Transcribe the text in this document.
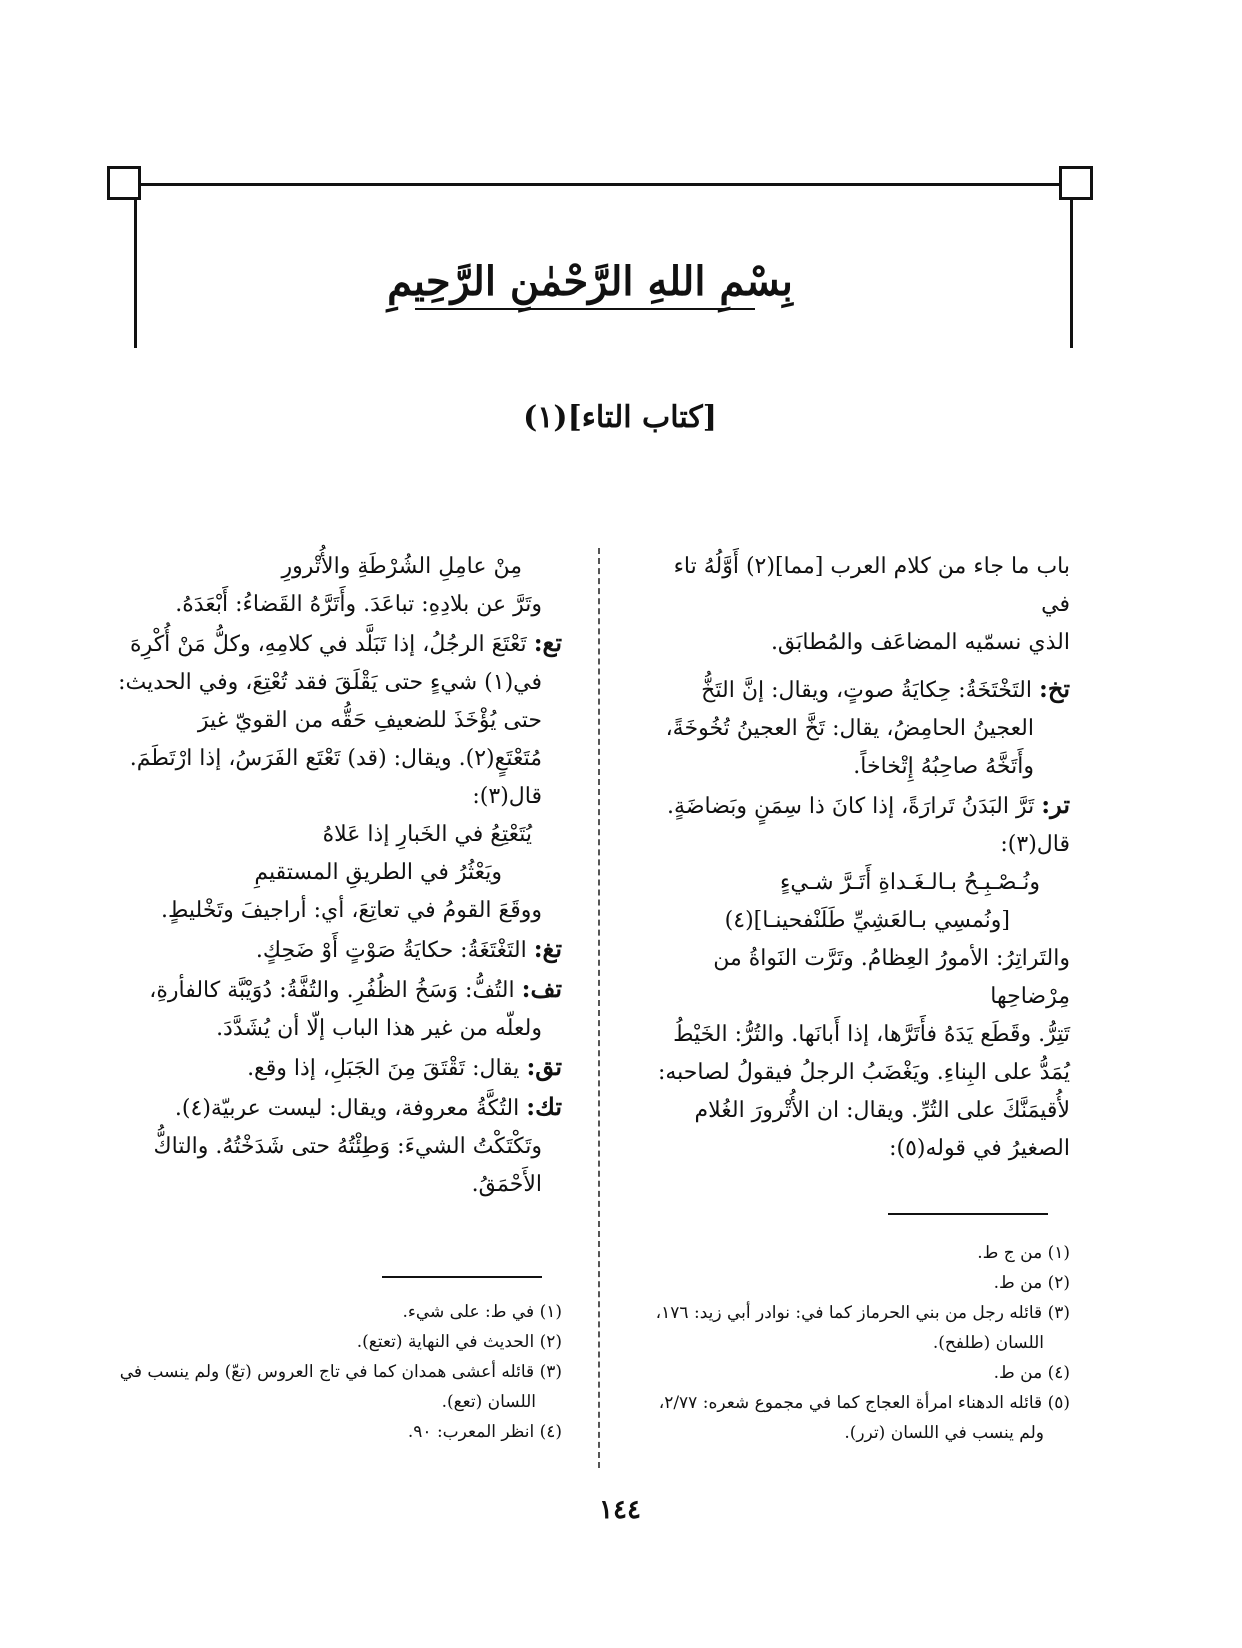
بِسْمِ اللهِ الرَّحْمٰنِ الرَّحِيمِ
[كتاب التاء](١)

باب ما جاء من كلام العرب [مما](٢) أَوَّلُهُ تاء في

الذي نسمّيه المضاعَف والمُطابَق.

تخ: التَخْتَخَةُ: حِكايَةُ صوتٍ، ويقال: إنَّ التَخُّ

العجينُ الحامِضُ، يقال: تَخَّ العجينُ تُخُوخَةً،

وأَتَخَّهُ صاحِبُهُ إِتْخاخاً.

تر: تَرَّ البَدَنُ تَرارَةً، إذا كانَ ذا سِمَنٍ وبَضاضَةٍ.

قال(٣):

ونُـصْـبِـحُ بـالـغَـداةِ أَتَـرَّ شـيءٍ

[ونُمسِي بـالعَشِيِّ طَلَنْفحينـا](٤)

والتَراتِرُ: الأمورُ العِظامُ. وتَرَّت النَواةُ من مِرْضاحِها

تَتِرُّ. وقَطَع يَدَهُ فأَتَرَّها، إذا أَبانَها. والتُرُّ: الخَيْطُ

يُمَدُّ على البِناءِ. ويَغْضَبُ الرجلُ فيقولُ لصاحبه:

لأُقيمَنَّكَ على التُرِّ. ويقال: ان الأُتْرورَ الغُلام

الصغيرُ في قوله(٥):

مِنْ عامِلِ الشُرْطَةِ والأُتْرورِ

وتَرَّ عن بلادِهِ: تباعَدَ. وأَتَرَّهُ القَضاءُ: أَبْعَدَهُ.

تع: تَعْتَعَ الرجُلُ، إذا تَبَلَّد في كلامِهِ، وكلُّ مَنْ أُكْرِهَ

في(١) شيءٍ حتى يَقْلَقَ فقد تُعْتِعَ، وفي الحديث:

حتى يُؤْخَذَ للضعيفِ حَقُّه من القويّ غيرَ

مُتَعْتَعٍ(٢). ويقال: (قد) تَعْتَع الفَرَسُ، إذا ارْتَطَمَ.

قال(٣):

يُتَعْتِعُ في الخَبارِ إذا عَلاهُ

ويَعْثُرُ في الطريقِ المستقيمِ

ووقَعَ القومُ في تعاتِعَ، أي: أراجيفَ وتَخْليطٍ.

تغ: التَغْتَغَةُ: حكايَةُ صَوْتٍ أَوْ ضَحِكٍ.

تف: التُفُّ: وَسَخُ الظُفُرِ. والتُفَّةُ: دُوَيْبَّة كالفأرةِ،

ولعلّه من غير هذا الباب إلّا أن يُشَدَّدَ.

تق: يقال: تَقْتَقَ مِنَ الجَبَلِ، إذا وقع.

تك: التُكَّةُ معروفة، ويقال: ليست عربيّة(٤).

وتَكْتَكْتُ الشيءَ: وَطِئْتُهُ حتى شَدَخْتُهُ. والتاكُّ

الأَحْمَقُ.

(١) من ج ط.
(٢) من ط.
(٣) قائله رجل من بني الحرماز كما في: نوادر أبي زيد: ١٧٦،
اللسان (طلفح).
(٤) من ط.
(٥) قائله الدهناء امرأة العجاج كما في مجموع شعره: ٢/٧٧،
ولم ينسب في اللسان (ترر).
(١) في ط: على شيء.
(٢) الحديث في النهاية (تعتع).
(٣) قائله أعشى همدان كما في تاج العروس (تعّ) ولم ينسب في
اللسان (تعع).
(٤) انظر المعرب: ٩٠.
١٤٤
